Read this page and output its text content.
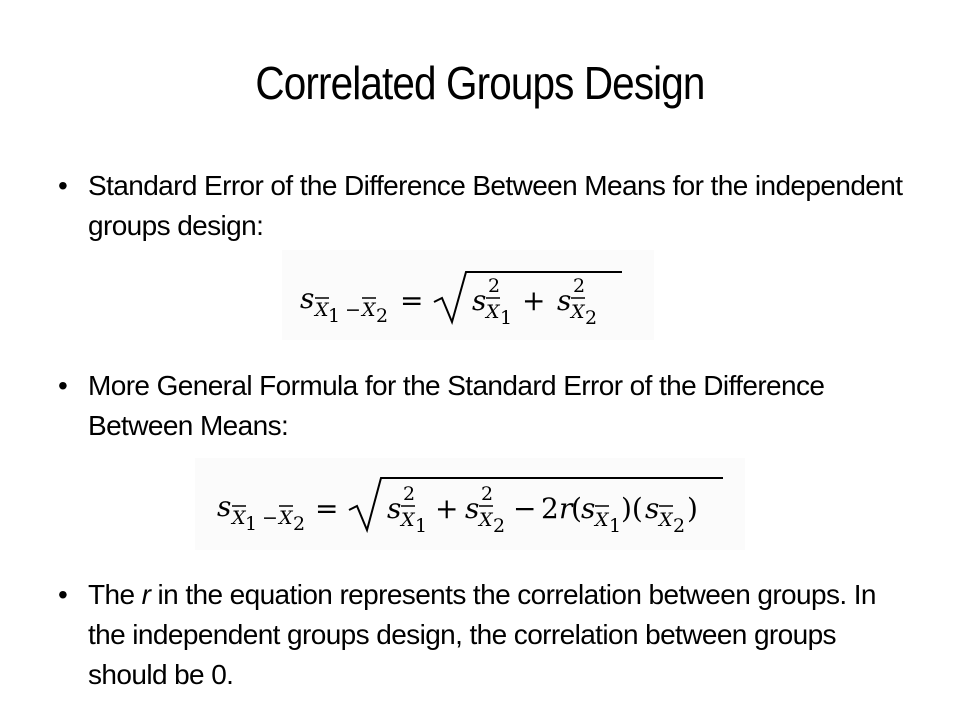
Correlated Groups Design
• Standard Error of the Difference Between Means for the independent groups design:
s X 1 − X 2 = s 2
X 1
+ s 2
X 2
• More General Formula for the Standard Error of the Difference Between Means:
s X 1 − X 2 = s 2
X 1
+ s 2
X 2
− 2 r
( s X 1
)( s X 2
)
• The r in the equation represents the correlation between groups. In the independent groups design, the correlation between groups should be 0.
